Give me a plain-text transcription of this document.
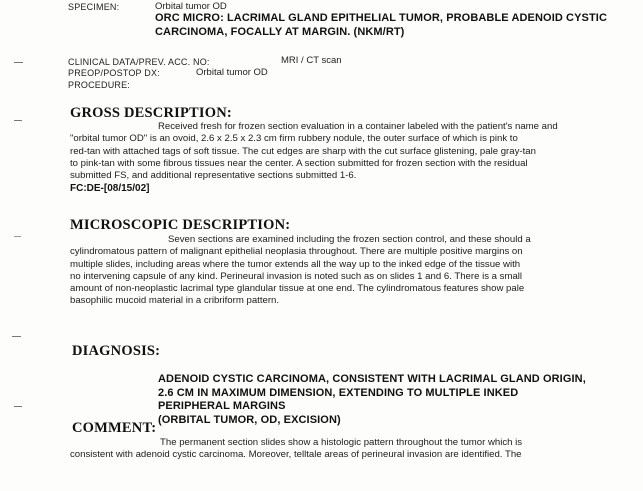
SPECIMEN:	Orbital tumor OD
ORC MICRO: LACRIMAL GLAND EPITHELIAL TUMOR, PROBABLE ADENOID CYSTIC
CARCINOMA, FOCALLY AT MARGIN. (NKM/RT)
CLINICAL DATA/PREV. ACC. NO:	MRI / CT scan
PREOP/POSTOP DX:	Orbital tumor OD
PROCEDURE:
GROSS DESCRIPTION:
Received fresh for frozen section evaluation in a container labeled with the patient's name and
"orbital tumor OD" is an ovoid, 2.6 x 2.5 x 2.3 cm firm rubbery nodule, the outer surface of which is pink to
red-tan with attached tags of soft tissue. The cut edges are sharp with the cut surface glistening, pale gray-tan
to pink-tan with some fibrous tissues near the center. A section submitted for frozen section with the residual
submitted FS, and additional representative sections submitted 1-6.
FC:DE-[08/15/02]
MICROSCOPIC DESCRIPTION:
Seven sections are examined including the frozen section control, and these should a
cylindromatous pattern of malignant epithelial neoplasia throughout. There are multiple positive margins on
multiple slides, including areas where the tumor extends all the way up to the inked edge of the tissue with
no intervening capsule of any kind. Perineural invasion is noted such as on slides 1 and 6. There is a small
amount of non-neoplastic lacrimal type glandular tissue at one end. The cylindromatous features show pale
basophilic mucoid material in a cribriform pattern.
DIAGNOSIS:
ADENOID CYSTIC CARCINOMA, CONSISTENT WITH LACRIMAL GLAND ORIGIN,
2.6 CM IN MAXIMUM DIMENSION, EXTENDING TO MULTIPLE INKED
PERIPHERAL MARGINS
(ORBITAL TUMOR, OD, EXCISION)
COMMENT:
The permanent section slides show a histologic pattern throughout the tumor which is
consistent with adenoid cystic carcinoma. Moreover, telltale areas of perineural invasion are identified. The
